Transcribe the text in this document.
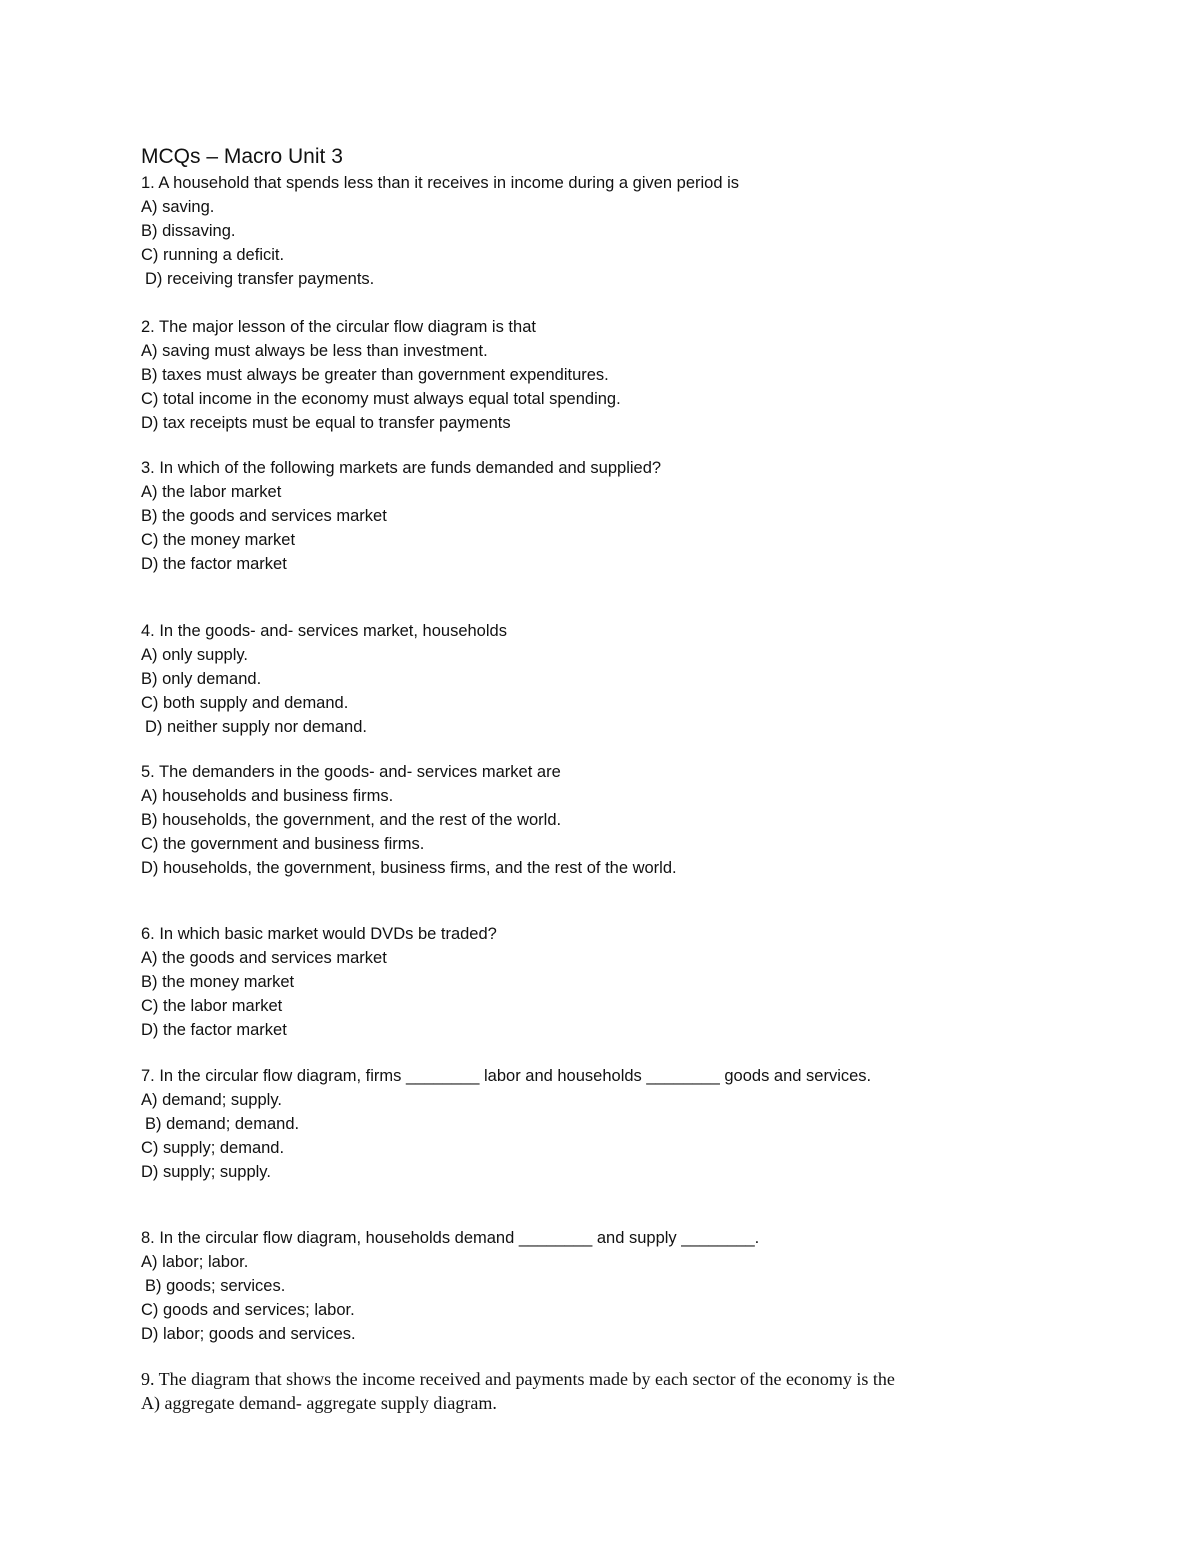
MCQs – Macro Unit 3
1. A household that spends less than it receives in income during a given period is
A) saving.
B) dissaving.
C) running a deficit.
D) receiving transfer payments.
2. The major lesson of the circular flow diagram is that
A) saving must always be less than investment.
B) taxes must always be greater than government expenditures.
C) total income in the economy must always equal total spending.
D) tax receipts must be equal to transfer payments
3. In which of the following markets are funds demanded and supplied?
A) the labor market
B) the goods and services market
C) the money market
D) the factor market
4. In the goods- and- services market, households
A) only supply.
B) only demand.
C) both supply and demand.
D) neither supply nor demand.
5. The demanders in the goods- and- services market are
A) households and business firms.
B) households, the government, and the rest of the world.
C) the government and business firms.
D) households, the government, business firms, and the rest of the world.
6. In which basic market would DVDs be traded?
A) the goods and services market
B) the money market
C) the labor market
D) the factor market
7. In the circular flow diagram, firms ________ labor and households ________ goods and services.
A) demand; supply.
B) demand; demand.
C) supply; demand.
D) supply; supply.
8. In the circular flow diagram, households demand ________ and supply ________.
A) labor; labor.
B) goods; services.
C) goods and services; labor.
D) labor; goods and services.
9. The diagram that shows the income received and payments made by each sector of the economy is the
A) aggregate demand- aggregate supply diagram.
